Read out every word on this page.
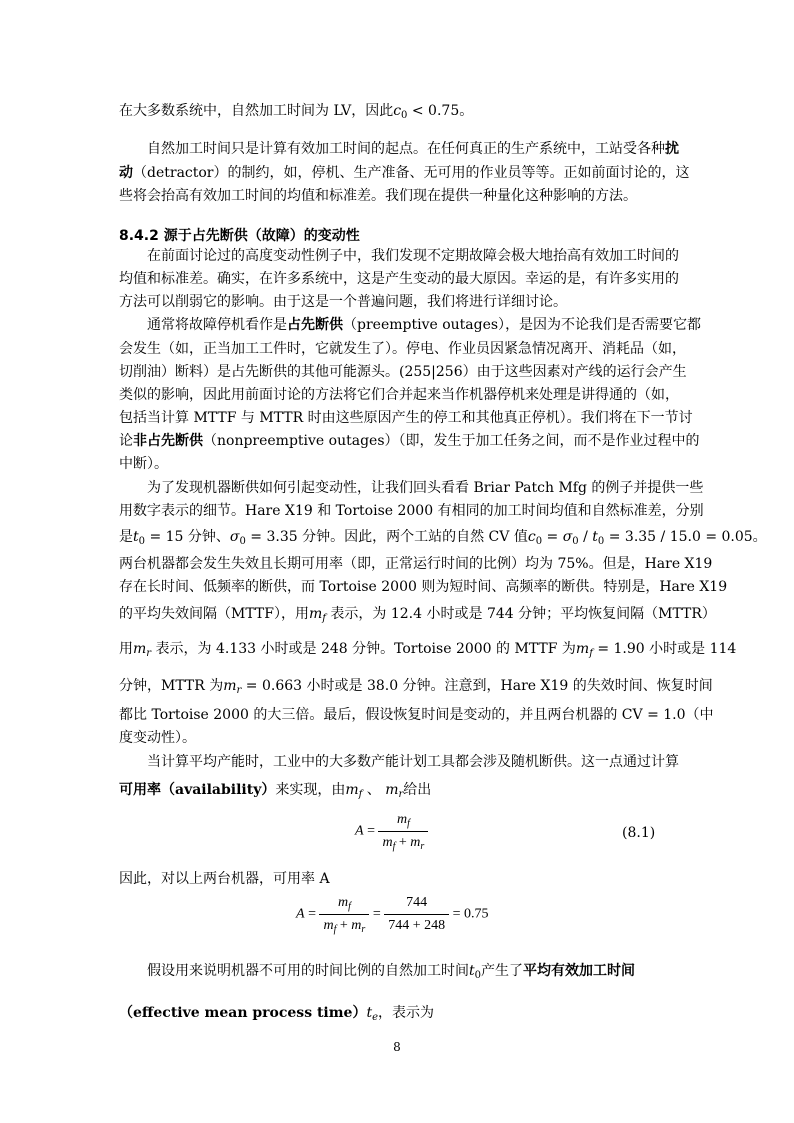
在大多数系统中，自然加工时间为 LV，因此$c_0 < 0.75$。
自然加工时间只是计算有效加工时间的起点。在任何真正的生产系统中，工站受各种扰
动（detractor）的制约，如，停机、生产准备、无可用的作业员等等。正如前面讨论的，这
些将会抬高有效加工时间的均值和标准差。我们现在提供一种量化这种影响的方法。
8.4.2 源于占先断供（故障）的变动性
在前面讨论过的高度变动性例子中，我们发现不定期故障会极大地抬高有效加工时间的
均值和标准差。确实，在许多系统中，这是产生变动的最大原因。幸运的是，有许多实用的
方法可以削弱它的影响。由于这是一个普遍问题，我们将进行详细讨论。
通常将故障停机看作是占先断供（preemptive outages），是因为不论我们是否需要它都
会发生（如，正当加工工件时，它就发生了）。停电、作业员因紧急情况离开、消耗品（如，
切削油）断料）是占先断供的其他可能源头。(255|256）由于这些因素对产线的运行会产生
类似的影响，因此用前面讨论的方法将它们合并起来当作机器停机来处理是讲得通的（如，
包括当计算 MTTF 与 MTTR 时由这些原因产生的停工和其他真正停机）。我们将在下一节讨
论非占先断供（nonpreemptive outages）（即，发生于加工任务之间，而不是作业过程中的
中断）。
为了发现机器断供如何引起变动性，让我们回头看看 Briar Patch Mfg 的例子并提供一些
用数字表示的细节。Hare X19 和 Tortoise 2000 有相同的加工时间均值和自然标准差，分别
是$t_0 = 15$ 分钟、$\sigma_0 = 3.35$ 分钟。因此，两个工站的自然 CV 值$c_0 = \sigma_0 / t_0 = 3.35 / 15.0 = 0.05$。
两台机器都会发生失效且长期可用率（即，正常运行时间的比例）均为 75%。但是，Hare X19
存在长时间、低频率的断供，而 Tortoise 2000 则为短时间、高频率的断供。特别是，Hare X19
的平均失效间隔（MTTF），用$m_f$ 表示，为 12.4 小时或是 744 分钟；平均恢复间隔（MTTR）
用$m_r$ 表示，为 4.133 小时或是 248 分钟。Tortoise 2000 的 MTTF 为$m_f = 1.90$ 小时或是 114
分钟，MTTR 为$m_r = 0.663$ 小时或是 38.0 分钟。注意到，Hare X19 的失效时间、恢复时间
都比 Tortoise 2000 的大三倍。最后，假设恢复时间是变动的，并且两台机器的 CV = 1.0（中
度变动性）。
当计算平均产能时，工业中的大多数产能计划工具都会涉及随机断供。这一点通过计算
可用率（availability）来实现，由$m_f$ 、 $m_r$给出
$A = \frac{m_f}{m_f + m_r}$	(8.1)
因此，对以上两台机器，可用率 A
$A = \frac{m_f}{m_f + m_r} = \frac{744}{744 + 248} = 0.75$
假设用来说明机器不可用的时间比例的自然加工时间$t_0$产生了平均有效加工时间
（effective mean process $time)t_e$，表示为
8
